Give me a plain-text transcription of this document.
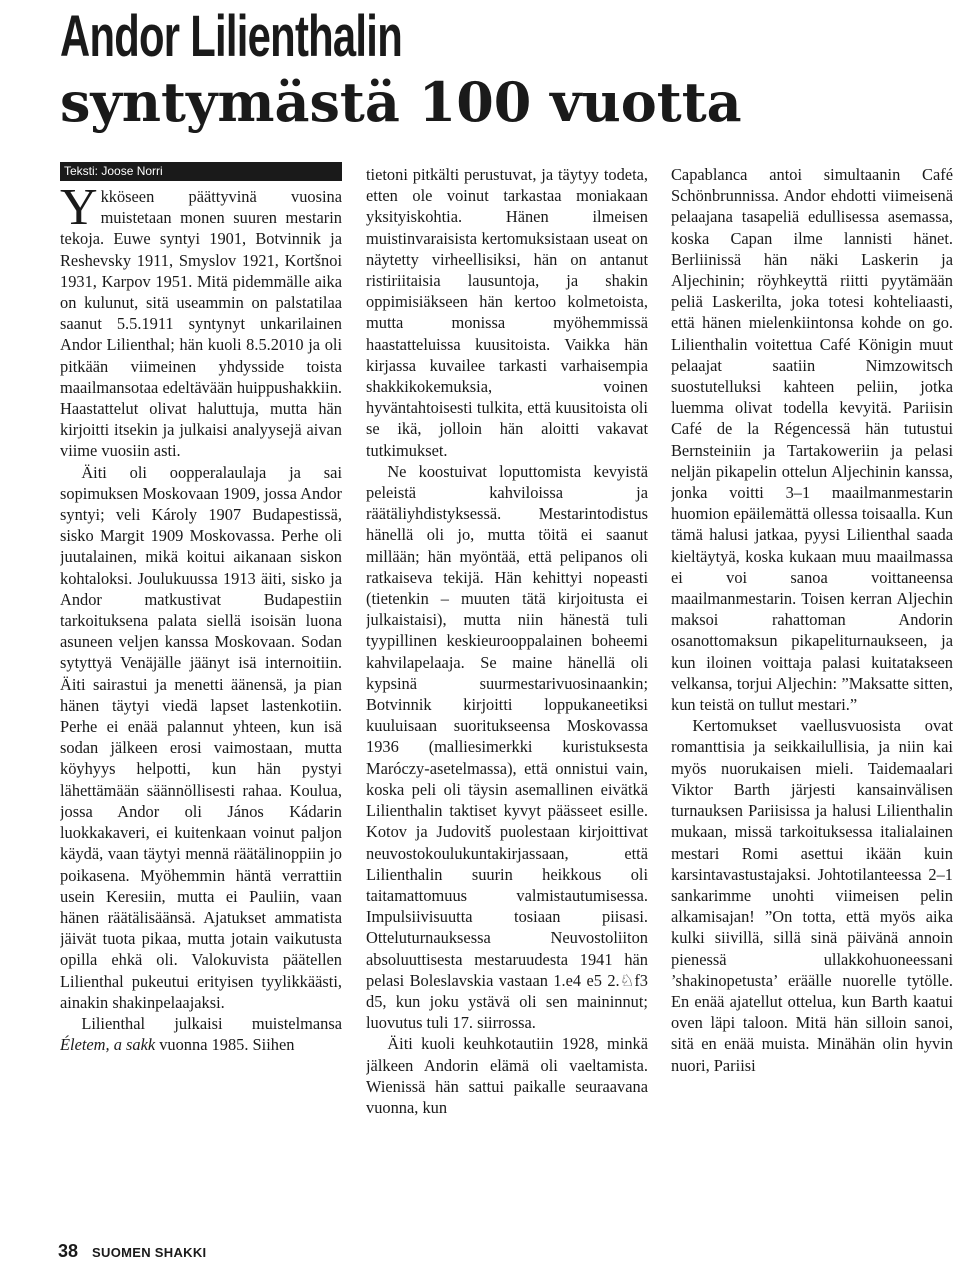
Andor Lilienthalin
syntymästä 100 vuotta
Teksti: Joose Norri

Ykköseen päättyvinä vuosina muistetaan monen suuren mestarin tekoja. Euwe syntyi 1901, Botvinnik ja Reshevsky 1911, Smyslov 1921, Kortšnoi 1931, Karpov 1951. Mitä pidemmälle aika on kulunut, sitä useammin on palstatilaa saanut 5.5.1911 syntynyt unkarilainen Andor Lilienthal; hän kuoli 8.5.2010 ja oli pitkään viimeinen yhdysside toista maailmansotaa edeltävään huippushakkiin. Haastattelut olivat haluttuja, mutta hän kirjoitti itsekin ja julkaisi analyysejä aivan viime vuosiin asti.

Äiti oli oopperalaulaja ja sai sopimuksen Moskovaan 1909, jossa Andor syntyi; veli Károly 1907 Budapestissä, sisko Margit 1909 Moskovassa. Perhe oli juutalainen, mikä koitui aikanaan siskon kohtaloksi. Joulukuussa 1913 äiti, sisko ja Andor matkustivat Budapestiin tarkoituksena palata siellä isoisän luona asuneen veljen kanssa Moskovaan. Sodan sytyttyä Venäjälle jäänyt isä internoitiin. Äiti sairastui ja menetti äänensä, ja pian hänen täytyi viedä lapset lastenkotiin. Perhe ei enää palannut yhteen, kun isä sodan jälkeen erosi vaimostaan, mutta köyhyys helpotti, kun hän pystyi lähettämään säännöllisesti rahaa. Koulua, jossa Andor oli János Kádarin luokkakaveri, ei kuitenkaan voinut paljon käydä, vaan täytyi mennä räätälinoppiin jo poikasena. Myöhemmin häntä verrattiin usein Keresiin, mutta ei Pauliin, vaan hänen räätälisäänsä. Ajatukset ammatista jäivät tuota pikaa, mutta jotain vaikutusta opilla ehkä oli. Valokuvista päätellen Lilienthal pukeutui erityisen tyylikkäästi, ainakin shakinpelaajaksi.

Lilienthal julkaisi muistelmansa Életem, a sakk vuonna 1985. Siihen

tietoni pitkälti perustuvat, ja täytyy todeta, etten ole voinut tarkastaa moniakaan yksityiskohtia. Hänen ilmeisen muistinvaraisista kertomuksistaan useat on näytetty virheellisiksi, hän on antanut ristiriitaisia lausuntoja, ja shakin oppimisiäkseen hän kertoo kolmetoista, mutta monissa myöhemmissä haastatteluissa kuusitoista. Vaikka hän kirjassa kuvailee tarkasti varhaisempia shakkikokemuksia, voinen hyväntahtoisesti tulkita, että kuusitoista oli se ikä, jolloin hän aloitti vakavat tutkimukset.

Ne koostuivat loputtomista kevyistä peleistä kahviloissa ja räätäliyhdistyksessä. Mestarintodistus hänellä oli jo, mutta töitä ei saanut millään; hän myöntää, että pelipanos oli ratkaiseva tekijä. Hän kehittyi nopeasti (tietenkin – muuten tätä kirjoitusta ei julkaistaisi), mutta niin hänestä tuli tyypillinen keskieurooppalainen boheemi kahvilapelaaja. Se maine hänellä oli kypsinä suurmestarivuosinaankin; Botvinnik kirjoitti loppukaneetiksi kuuluisaan suoritukseensa Moskovassa 1936 (malliesimerkki kuristuksesta Maróczy-asetelmassa), että onnistui vain, koska peli oli täysin asemallinen eivätkä Lilienthalin taktiset kyvyt päässeet esille. Kotov ja Judovitš puolestaan kirjoittivat neuvostokoulukuntakirjassaan, että Lilienthalin suurin heikkous oli taitamattomuus valmistautumisessa. Impulsiivisuutta tosiaan piisasi. Otteluturnauksessa Neuvostoliiton absoluuttisesta mestaruudesta 1941 hän pelasi Boleslavskia vastaan 1.e4 e5 2.♘f3 d5, kun joku ystävä oli sen maininnut; luovutus tuli 17. siirrossa.

Äiti kuoli keuhkotautiin 1928, minkä jälkeen Andorin elämä oli vaeltamista. Wienissä hän sattui paikalle seuraavana vuonna, kun

Capablanca antoi simultaanin Café Schönbrunnissa. Andor ehdotti viimeisenä pelaajana tasapeliä edullisessa asemassa, koska Capan ilme lannisti hänet. Berliinissä hän näki Laskerin ja Aljechinin; röyhkeyttä riitti pyytämään peliä Laskerilta, joka totesi kohteliaasti, että hänen mielenkiintonsa kohde on go. Lilienthalin voitettua Café Königin muut pelaajat saatiin Nimzowitsch suostutelluksi kahteen peliin, jotka luemma olivat todella kevyitä. Pariisin Café de la Régencessä hän tutustui Bernsteiniin ja Tartakoweriin ja pelasi neljän pikapelin ottelun Aljechinin kanssa, jonka voitti 3–1 maailmanmestarin huomion epäilemättä ollessa toisaalla. Kun tämä halusi jatkaa, pyysi Lilienthal saada kieltäytyä, koska kukaan muu maailmassa ei voi sanoa voittaneensa maailmanmestarin. Toisen kerran Aljechin maksoi rahattoman Andorin osanottomaksun pikapeliturnaukseen, ja kun iloinen voittaja palasi kuitatakseen velkansa, torjui Aljechin: ”Maksatte sitten, kun teistä on tullut mestari.”

Kertomukset vaellusvuosista ovat romanttisia ja seikkailullisia, ja niin kai myös nuorukaisen mieli. Taidemaalari Viktor Barth järjesti kansainvälisen turnauksen Pariisissa ja halusi Lilienthalin mukaan, missä tarkoituksessa italialainen mestari Romi asettui ikään kuin karsintavastustajaksi. Johtotilanteessa 2–1 sankarimme unohti viimeisen pelin alkamisajan! ”On totta, että myös aika kulki siivillä, sillä sinä päivänä annoin pienessä ullakkohuoneessani ’shakinopetusta’ eräälle nuorelle tytölle. En enää ajatellut ottelua, kun Barth kaatui oven läpi taloon. Mitä hän silloin sanoi, sitä en enää muista. Minähän olin hyvin nuori, Pariisi

38 SUOMEN SHAKKI
